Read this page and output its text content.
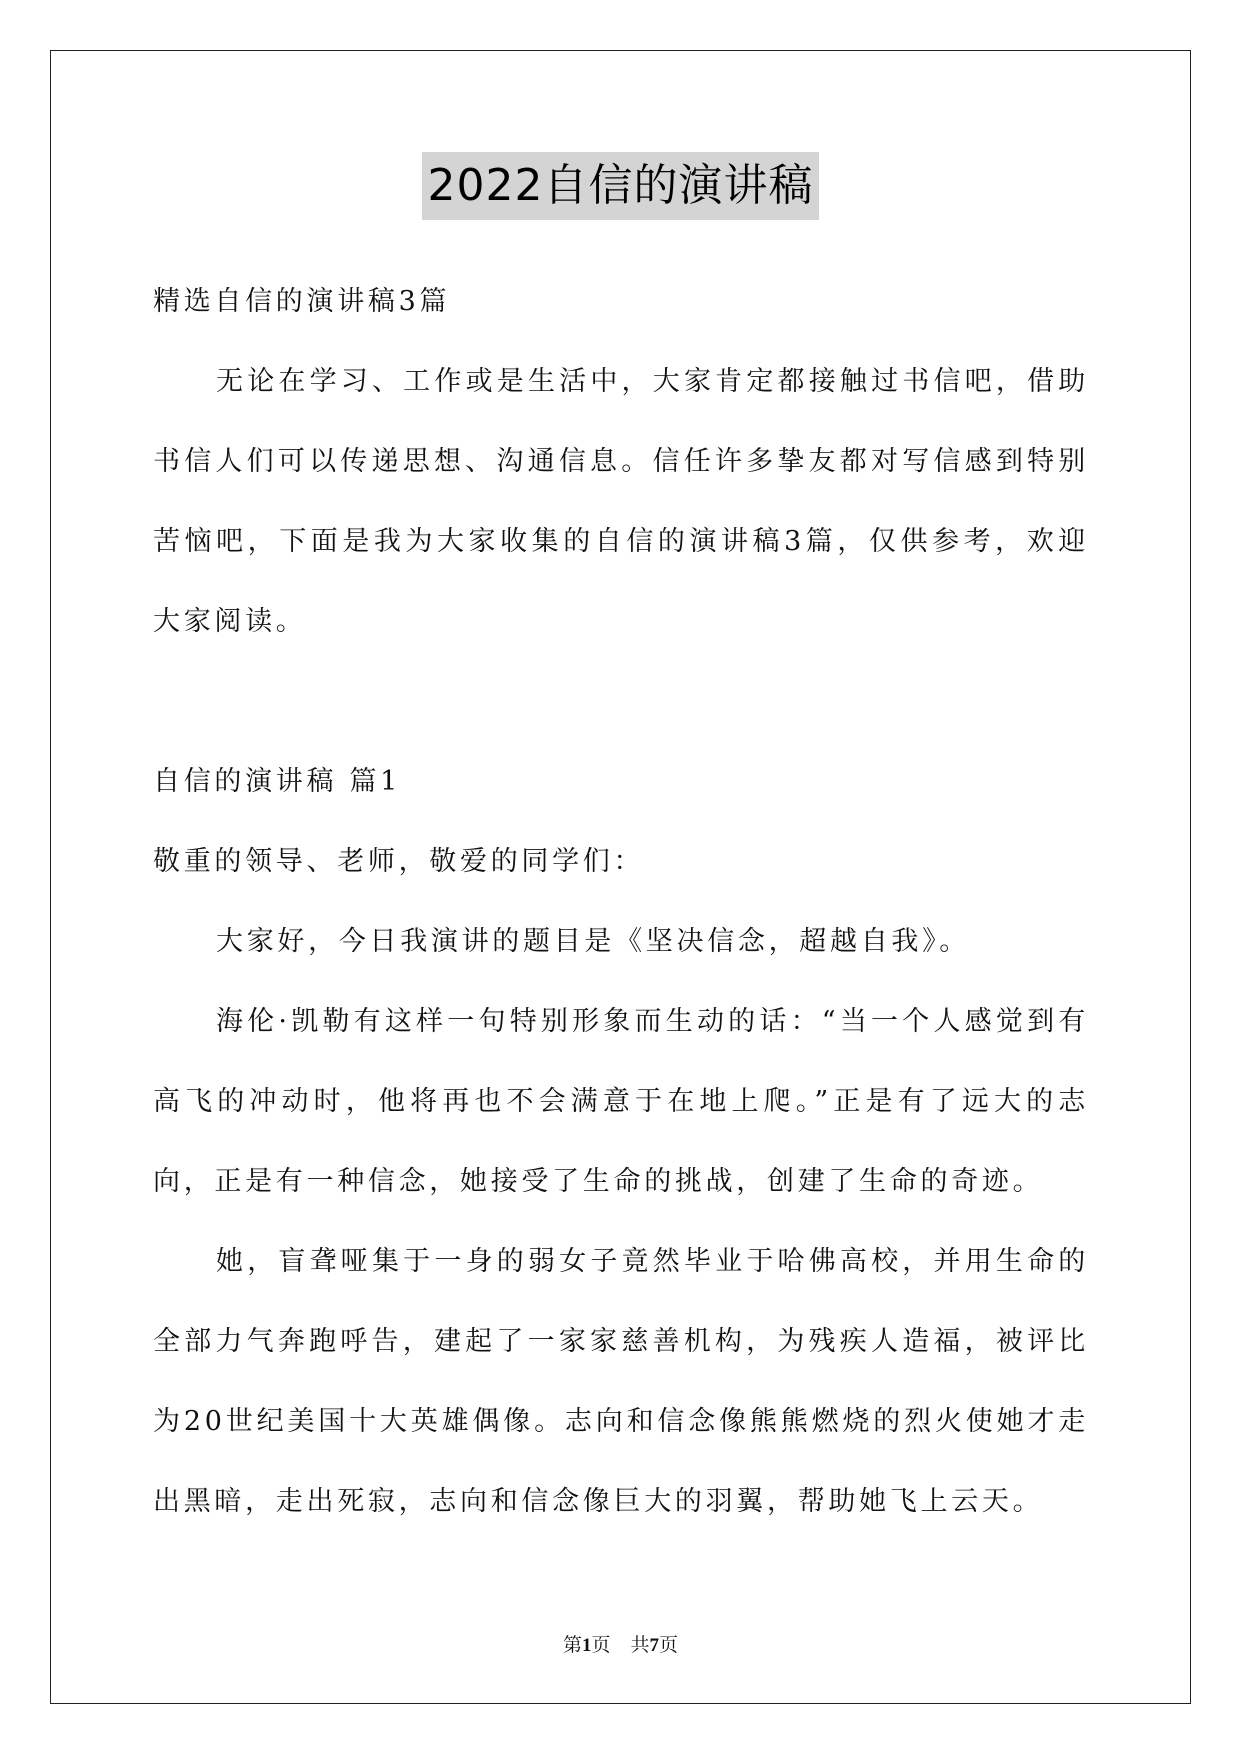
2022自信的演讲稿

精选自信的演讲稿3篇

无论在学习、工作或是生活中，大家肯定都接触过书信吧，借助书信人们可以传递思想、沟通信息。信任许多挚友都对写信感到特别苦恼吧，下面是我为大家收集的自信的演讲稿3篇，仅供参考，欢迎大家阅读。

自信的演讲稿 篇1

敬重的领导、老师，敬爱的同学们：

大家好，今日我演讲的题目是《坚决信念，超越自我》。

海伦·凯勒有这样一句特别形象而生动的话：“当一个人感觉到有高飞的冲动时，他将再也不会满意于在地上爬。”正是有了远大的志向，正是有一种信念，她接受了生命的挑战，创建了生命的奇迹。

她，盲聋哑集于一身的弱女子竟然毕业于哈佛高校，并用生命的全部力气奔跑呼告，建起了一家家慈善机构，为残疾人造福，被评比为20世纪美国十大英雄偶像。志向和信念像熊熊燃烧的烈火使她才走出黑暗，走出死寂，志向和信念像巨大的羽翼，帮助她飞上云天。

第1页 共7页
